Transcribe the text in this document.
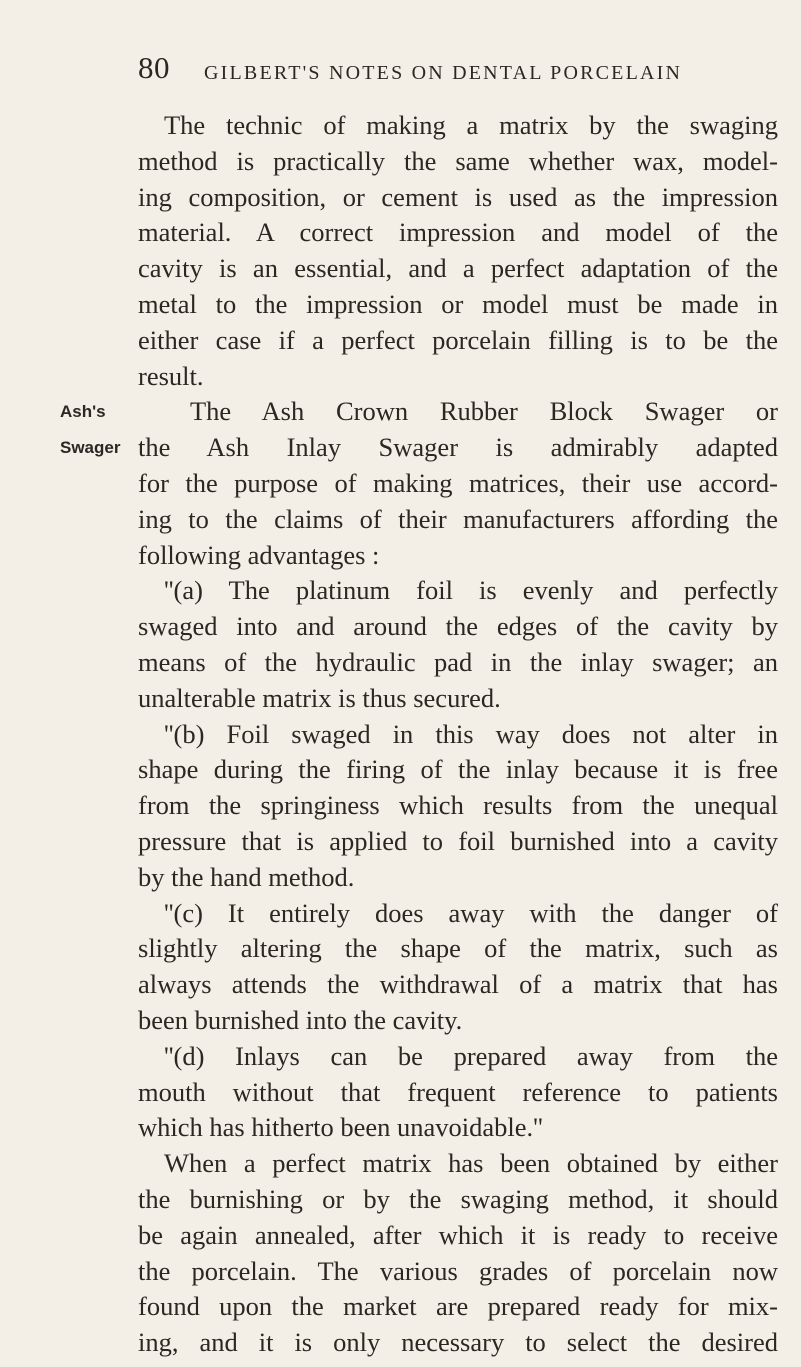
80 GILBERT'S NOTES ON DENTAL PORCELAIN
Ash's
Swager
The technic of making a matrix by the swaging
method is practically the same whether wax, model-
ing composition, or cement is used as the impression
material. A correct impression and model of the
cavity is an essential, and a perfect adaptation of the
metal to the impression or model must be made in
either case if a perfect porcelain filling is to be the
result.
The Ash Crown Rubber Block Swager or
the Ash Inlay Swager is admirably adapted
for the purpose of making matrices, their use accord-
ing to the claims of their manufacturers affording the
following advantages :
''(a) The platinum foil is evenly and perfectly
swaged into and around the edges of the cavity by
means of the hydraulic pad in the inlay swager; an
unalterable matrix is thus secured.
''(b) Foil swaged in this way does not alter in
shape during the firing of the inlay because it is free
from the springiness which results from the unequal
pressure that is applied to foil burnished into a cavity
by the hand method.
''(c) It entirely does away with the danger of
slightly altering the shape of the matrix, such as
always attends the withdrawal of a matrix that has
been burnished into the cavity.
''(d) Inlays can be prepared away from the
mouth without that frequent reference to patients
which has hitherto been unavoidable.''
When a perfect matrix has been obtained by either
the burnishing or by the swaging method, it should
be again annealed, after which it is ready to receive
the porcelain. The various grades of porcelain now
found upon the market are prepared ready for mix-
ing, and it is only necessary to select the desired
